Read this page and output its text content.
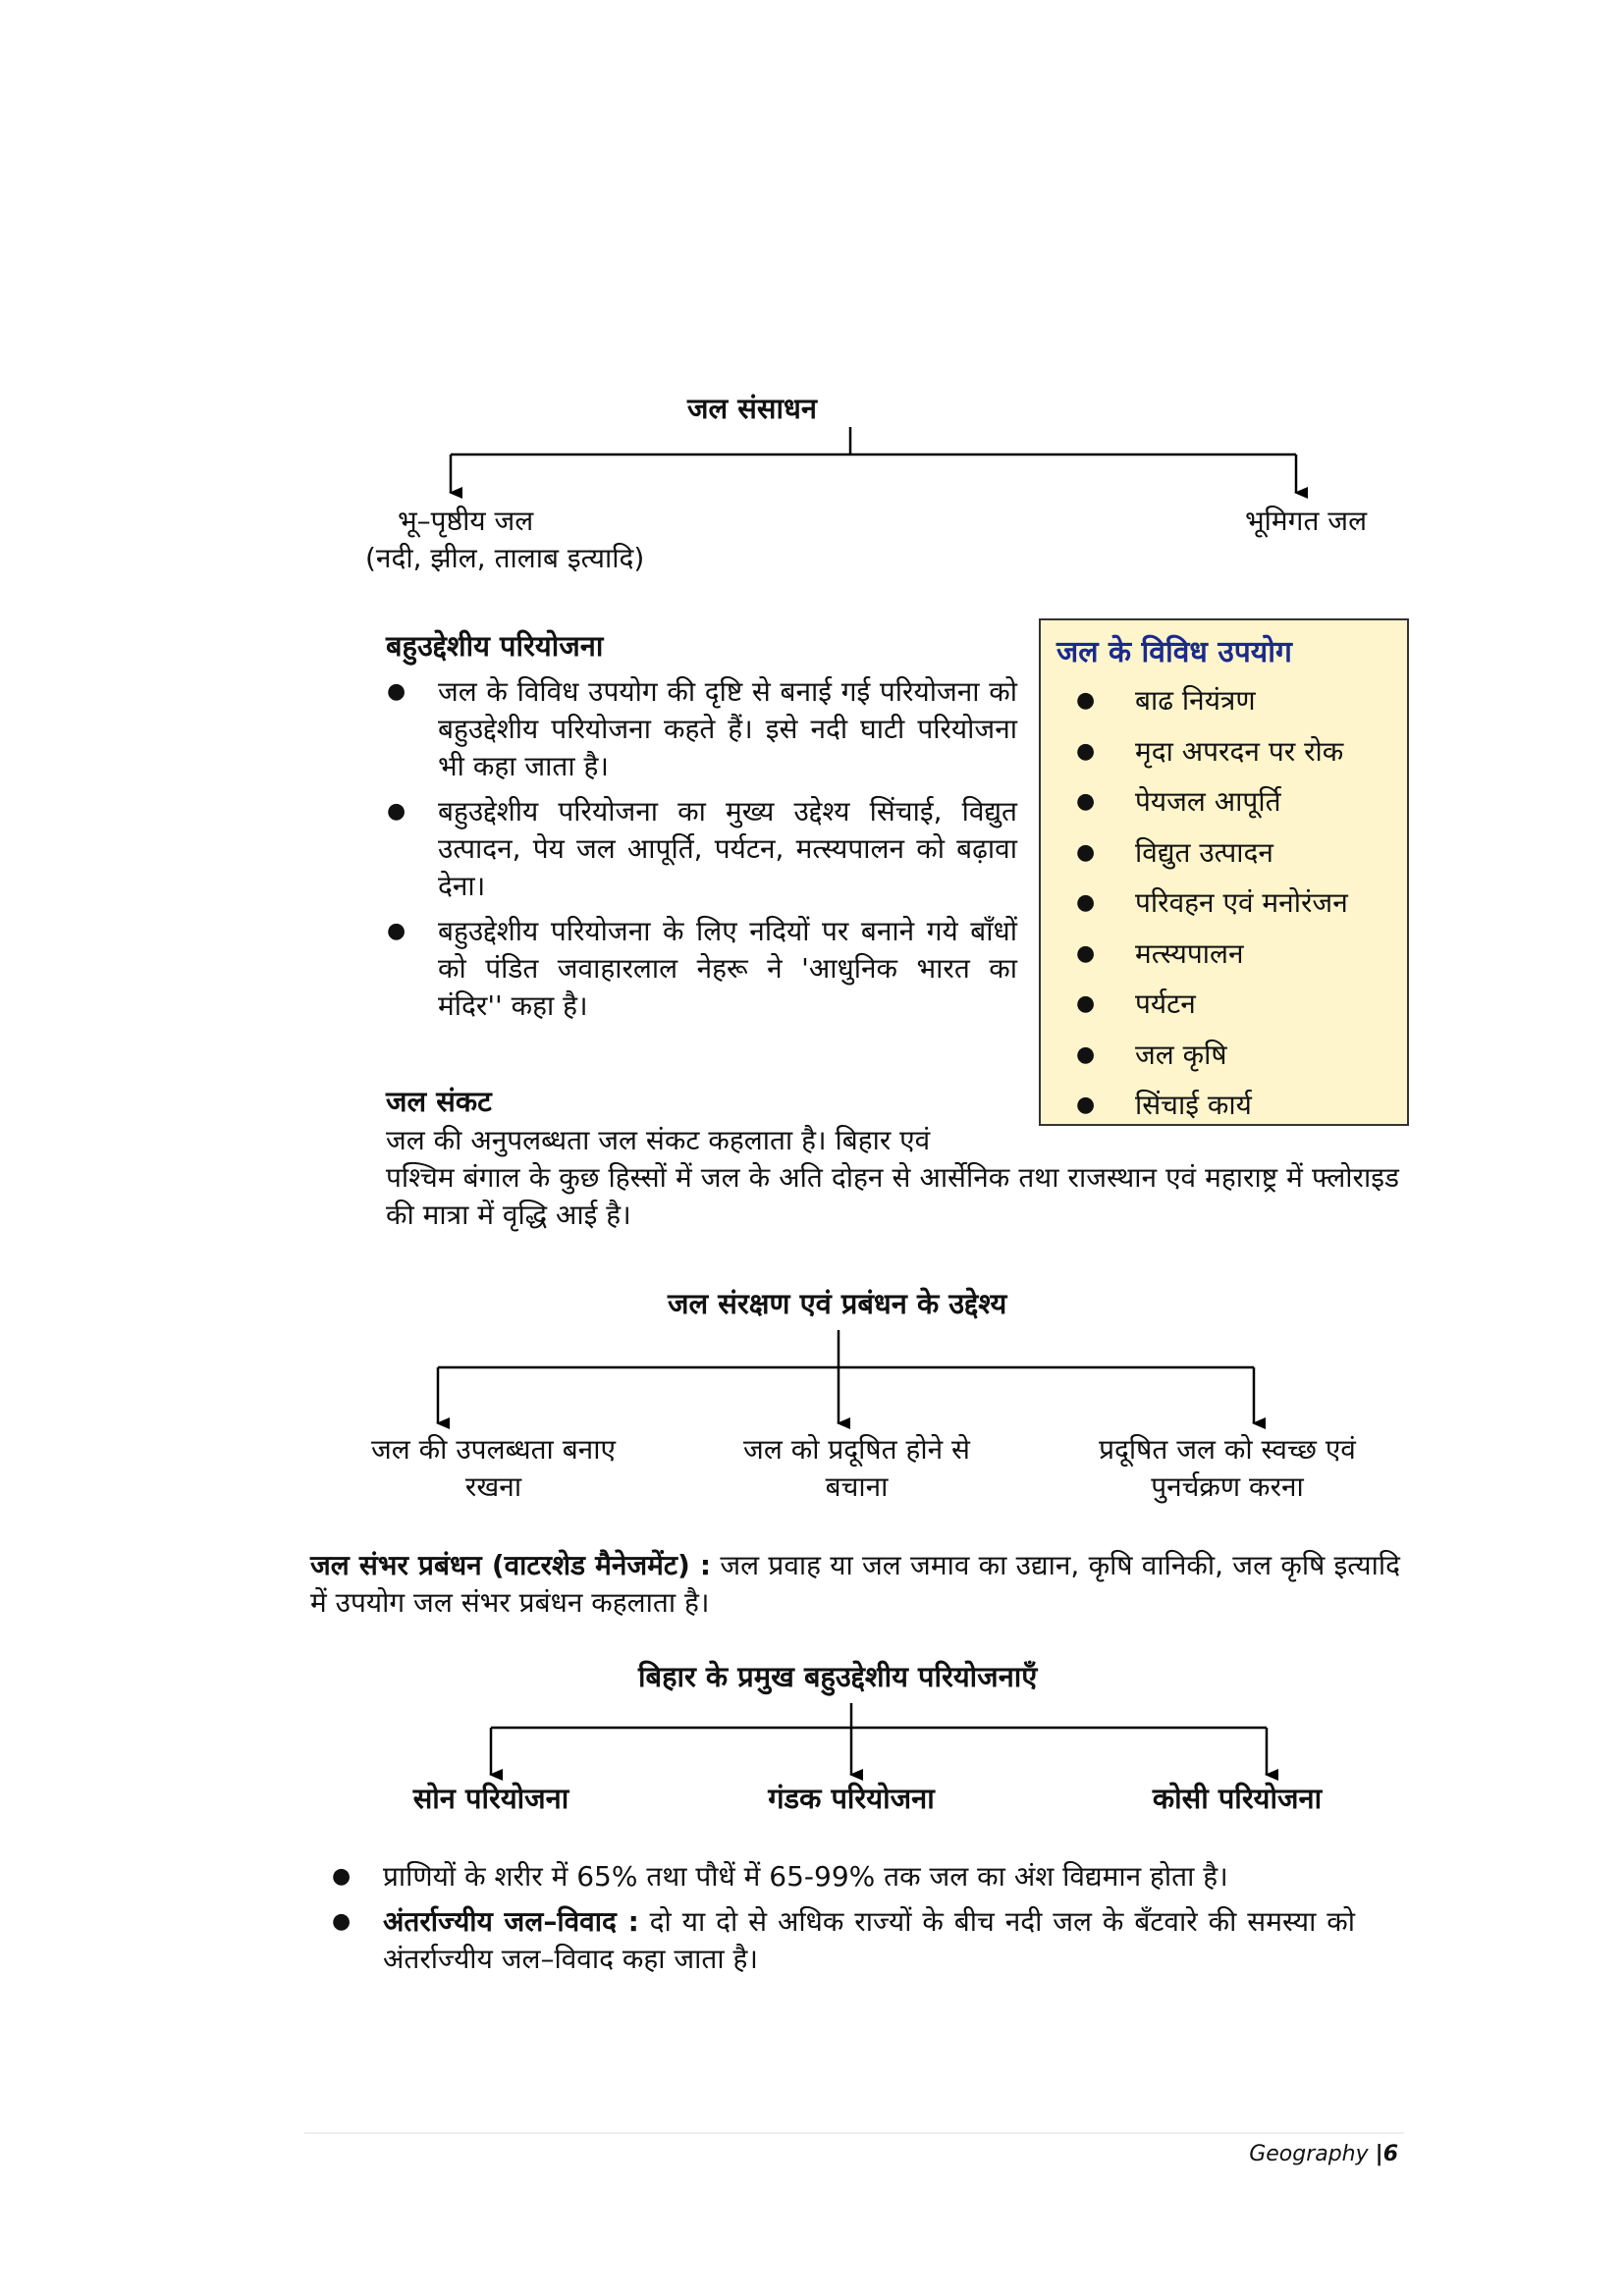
जल संसाधन
भू–पृष्ठीय जल
(नदी, झील, तालाब इत्यादि)
भूमिगत जल
बहुउद्देशीय परियोजना
● जल के विविध उपयोग की दृष्टि से बनाई गई परियोजना को बहुउद्देशीय परियोजना कहते हैं। इसे नदी घाटी परियोजना भी कहा जाता है।
● बहुउद्देशीय परियोजना का मुख्य उद्देश्य सिंचाई, विद्युत उत्पादन, पेय जल आपूर्ति, पर्यटन, मत्स्यपालन को बढ़ावा देना।
● बहुउद्देशीय परियोजना के लिए नदियों पर बनाने गये बाँधों को पंडित जवाहारलाल नेहरू ने 'आधुनिक भारत का मंदिर'' कहा है।
जल के विविध उपयोग
● बाढ नियंत्रण
● मृदा अपरदन पर रोक
● पेयजल आपूर्ति
● विद्युत उत्पादन
● परिवहन एवं मनोरंजन
● मत्स्यपालन
● पर्यटन
● जल कृषि
● सिंचाई कार्य
जल संकट
जल की अनुपलब्धता जल संकट कहलाता है। बिहार एवं
पश्चिम बंगाल के कुछ हिस्सों में जल के अति दोहन से आर्सेनिक तथा राजस्थान एवं महाराष्ट्र में फ्लोराइड की मात्रा में वृद्धि आई है।
जल संरक्षण एवं प्रबंधन के उद्देश्य
जल की उपलब्धता बनाए
रखना
जल को प्रदूषित होने से
बचाना
प्रदूषित जल को स्वच्छ एवं
पुनर्चक्रण करना
जल संभर प्रबंधन (वाटरशेड मैनेजमेंट) : जल प्रवाह या जल जमाव का उद्यान, कृषि वानिकी, जल कृषि इत्यादि में उपयोग जल संभर प्रबंधन कहलाता है।
बिहार के प्रमुख बहुउद्देशीय परियोजनाएँ
सोन परियोजना	गंडक परियोजना	कोसी परियोजना
● प्राणियों के शरीर में 65% तथा पौधें में 65-99% तक जल का अंश विद्यमान होता है।
● अंतर्राज्यीय जल–विवाद : दो या दो से अधिक राज्यों के बीच नदी जल के बँटवारे की समस्या को अंतर्राज्यीय जल–विवाद कहा जाता है।
Geography |6
